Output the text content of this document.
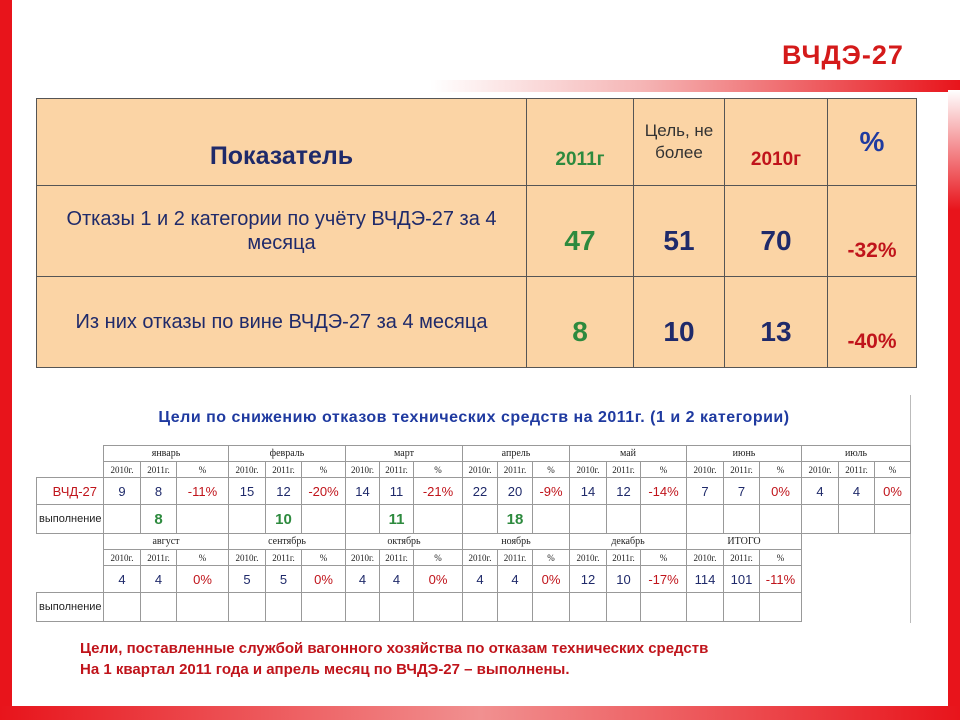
ВЧДЭ-27
Показатель	2011г	Цель, не более	2010г	%
Отказы 1 и 2 категории по учёту ВЧДЭ-27 за 4 месяца	47	51	70	-32%
Из них отказы по вине ВЧДЭ-27 за 4 месяца	8	10	13	-40%
Цели по снижению отказов технических средств на 2011г. (1 и 2 категории)
	январь			февраль			март			апрель			май			июнь			июль		
	2010г.	2011г.	%	2010г.	2011г.	%	2010г.	2011г.	%	2010г.	2011г.	%	2010г.	2011г.	%	2010г.	2011г.	%	2010г.	2011г.	%
ВЧД-27	9	8	-11%	15	12	-20%	14	11	-21%	22	20	-9%	14	12	-14%	7	7	0%	4	4	0%
выполнение		8			10			11			18										
	август			сентябрь			октябрь			ноябрь			декабрь			ИТОГО					
	2010г.	2011г.	%	2010г.	2011г.	%	2010г.	2011г.	%	2010г.	2011г.	%	2010г.	2011г.	%	2010г.	2011г.	%			
	4	4	0%	5	5	0%	4	4	0%	4	4	0%	12	10	-17%	114	101	-11%			
выполнение																					
Цели, поставленные службой вагонного хозяйства по отказам технических средств
На 1 квартал 2011 года и апрель месяц по ВЧДЭ-27 – выполнены.
